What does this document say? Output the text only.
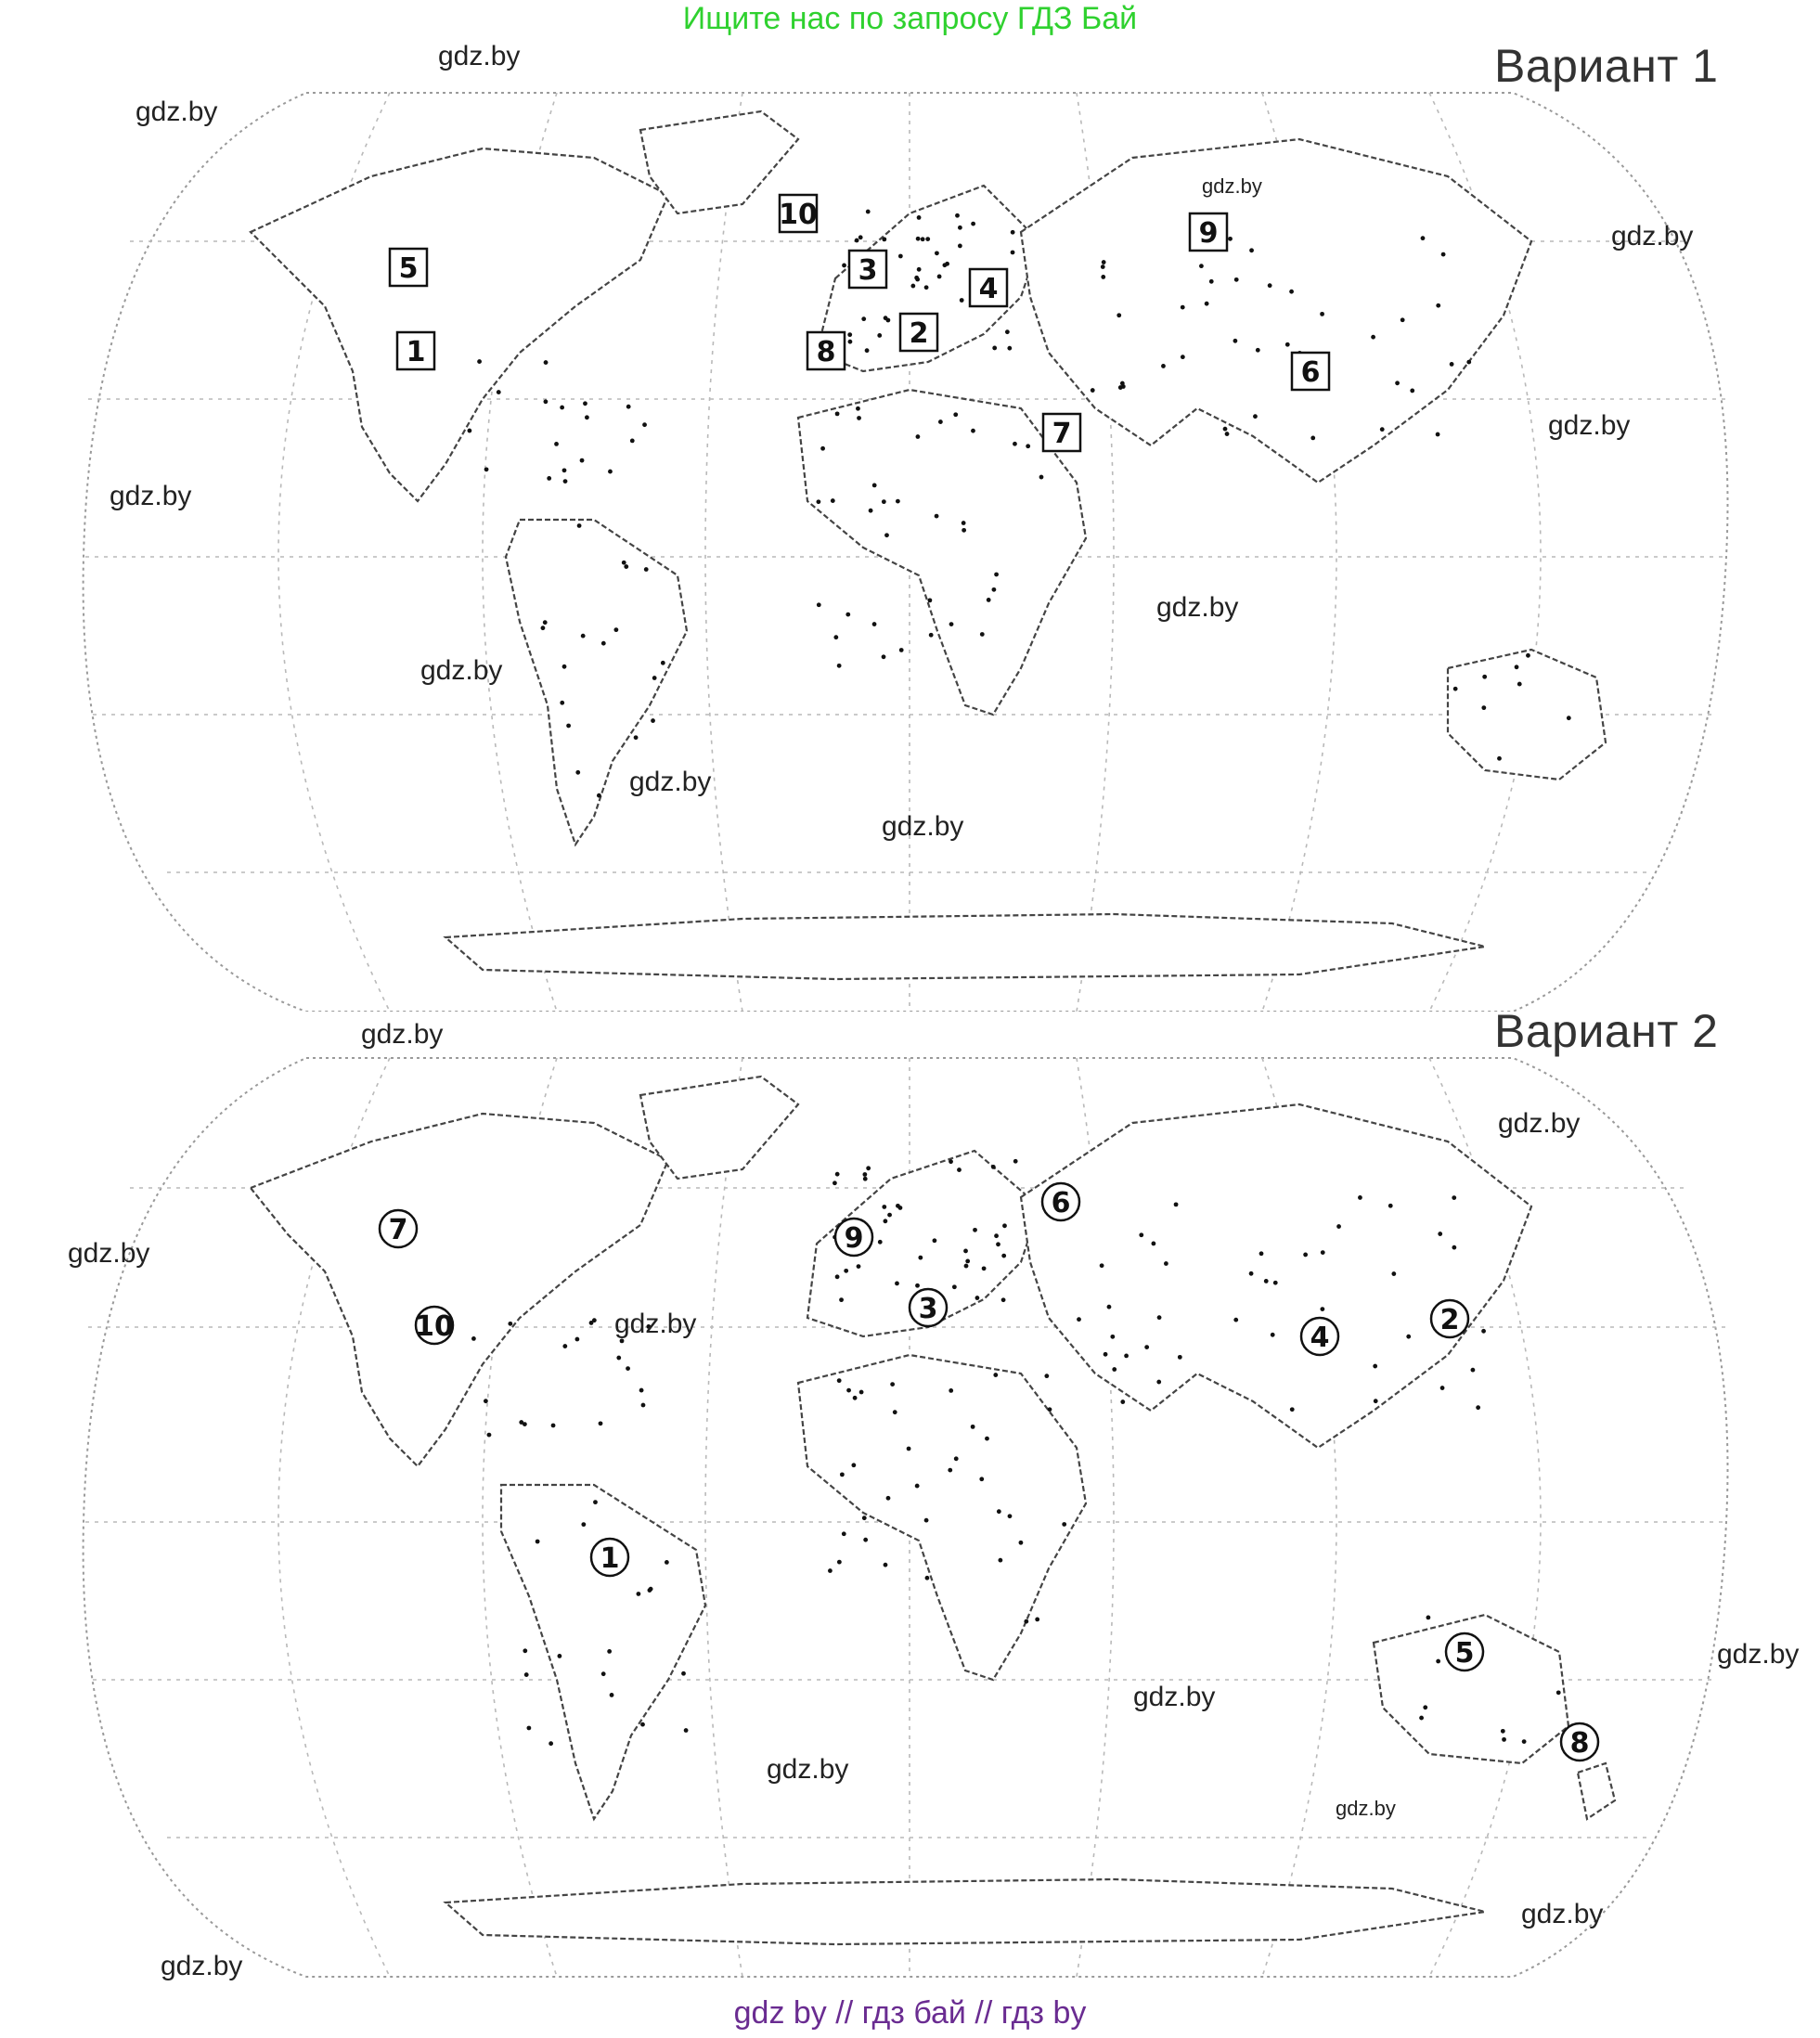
Ищите нас по запросу ГДЗ Бай
Вариант 1
Вариант 2
1
2
3
4
5
6
7
8
9
10
1
2
3
4
5
6
7
8
9
10
gdz.by
gdz.by
gdz.by
gdz.by
gdz.by
gdz.by
gdz.by
gdz.by
gdz.by
gdz.by
gdz.by
gdz.by
gdz.by
gdz.by
gdz.by
gdz.by
gdz.by
gdz.by
gdz.by
gdz.by
gdz by // гдз бай // гдз by
